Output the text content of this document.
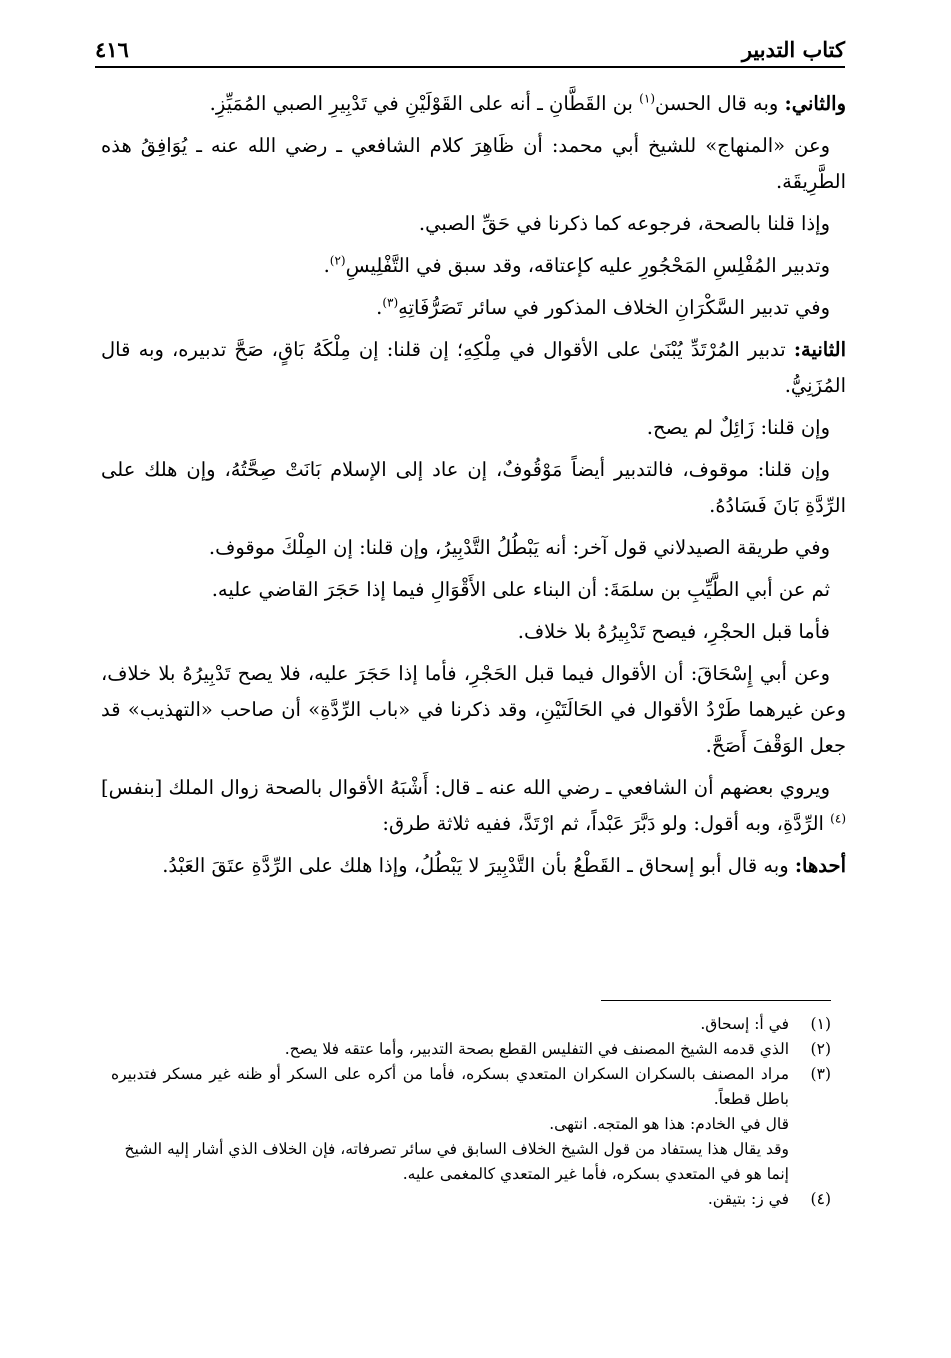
كتاب التدبير
٤١٦

والثاني: وبه قال الحسن$^{(١)}$ بن القَطَّانِ ـ أنه على القَوْلَيْنِ في تَدْبِيرِ الصبي المُمَيِّزِ.

وعن «المنهاج» للشيخ أبي محمد: أن ظَاهِرَ كلام الشافعي ـ رضي الله عنه ـ يُوَافِقُ هذه الطَّرِيقَة.

وإذا قلنا بالصحة، فرجوعه كما ذكرنا في حَقِّ الصبي.

وتدبير المُفْلِسِ المَحْجُورِ عليه كإعتاقه، وقد سبق في التَّفْلِيسِ$^{(٢)}$.

وفي تدبير السَّكْرَانِ الخلاف المذكور في سائر تَصَرُّفَاتِهِ$^{(٣)}$.

الثانية: تدبير المُرْتَدِّ يُبْنَىٰ على الأقوال في مِلْكِهِ؛ إن قلنا: إن مِلْكَهُ بَاقٍ، صَحَّ تدبيره، وبه قال المُزَنِيُّ.

وإن قلنا: زَائِلٌ لم يصح.

وإن قلنا: موقوف، فالتدبير أيضاً مَوْقُوفٌ، إن عاد إلى الإسلام بَانَتْ صِحَّتُهُ، وإن هلك على الرِّدَّةِ بَانَ فَسَادُهُ.

وفي طريقة الصيدلاني قول آخر: أنه يَبْطُلُ التَّدْبِيرُ، وإن قلنا: إن المِلْكَ موقوف.

ثم عن أبي الطَّيِّبِ بن سلمَةَ: أن البناء على الأَقْوَالِ فيما إذا حَجَرَ القاضي عليه.

فأما قبل الحجْرِ، فيصح تَدْبِيرُهُ بلا خلاف.

وعن أبي إِسْحَاقَ: أن الأقوال فيما قبل الحَجْرِ، فأما إذا حَجَرَ عليه، فلا يصح تَدْبِيرُهُ بلا خلاف، وعن غيرهما طَرْدُ الأقوال في الحَالَتَيْنِ، وقد ذكرنا في «باب الرِّدَّةِ» أن صاحب «التهذيب» قد جعل الوَقْفَ أَصَحَّ.

ويروي بعضهم أن الشافعي ـ رضي الله عنه ـ قال: أَشْبَهُ الأقوال بالصحة زوال الملك [بنفس]$^{(٤)}$ الرِّدَّةِ، وبه أقول: ولو دَبَّرَ عَبْداً، ثم ارْتَدَّ، ففيه ثلاثة طرق:

أحدها: وبه قال أبو إسحاق ـ القَطْعُ بأن التَّدْبِيرَ لا يَبْطُلُ، وإذا هلك على الرِّدَّةِ عتَقَ العَبْدُ.

(١)

في أ: إسحاق.

(٢)

الذي قدمه الشيخ المصنف في التفليس القطع بصحة التدبير، وأما عتقه فلا يصح.

(٣)

مراد المصنف بالسكران السكران المتعدي بسكره، فأما من أكره على السكر أو ظنه غير مسكر فتدبيره باطل قطعاً.

قال في الخادم: هذا هو المتجه. انتهى.

وقد يقال هذا يستفاد من قول الشيخ الخلاف السابق في سائر تصرفاته، فإن الخلاف الذي أشار إليه الشيخ إنما هو في المتعدي بسكره، فأما غير المتعدي كالمغمى عليه.

(٤)

في ز: بتيقن.
